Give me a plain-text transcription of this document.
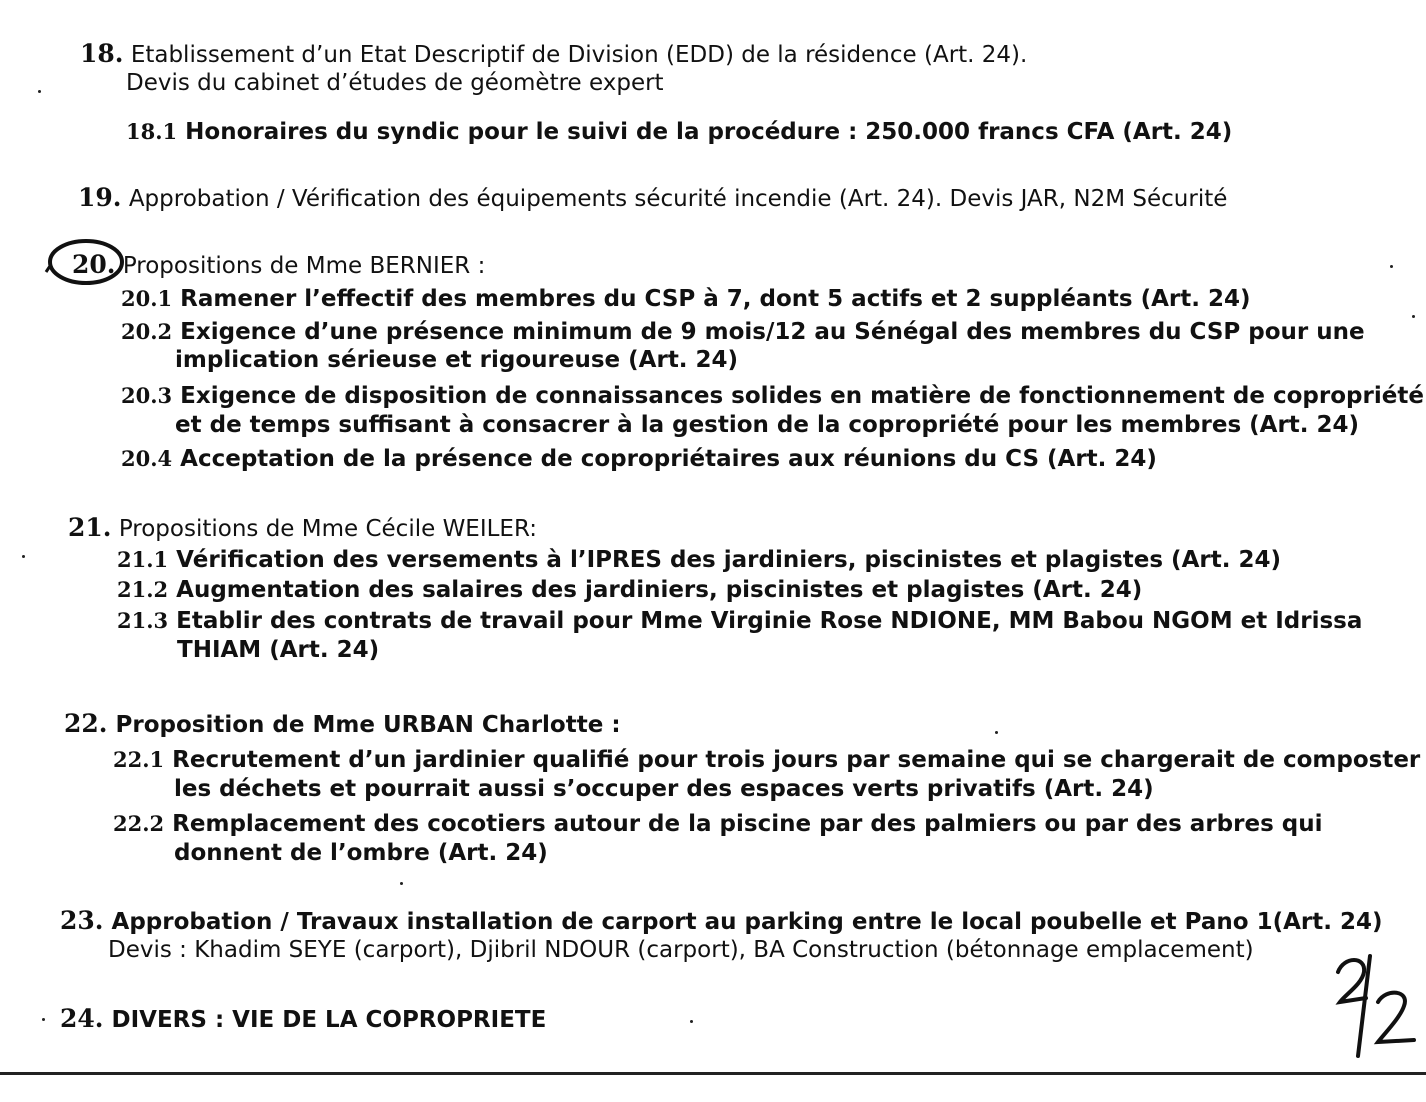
18. Etablissement d’un Etat Descriptif de Division (EDD) de la résidence (Art. 24).
Devis du cabinet d’études de géomètre expert
18.1 Honoraires du syndic pour le suivi de la procédure : 250.000 francs CFA (Art. 24)
19. Approbation / Vérification des équipements sécurité incendie (Art. 24). Devis JAR, N2M Sécurité
20. Propositions de Mme BERNIER :
20.1 Ramener l’effectif des membres du CSP à 7, dont 5 actifs et 2 suppléants (Art. 24)
20.2 Exigence d’une présence minimum de 9 mois/12 au Sénégal des membres du CSP pour une
implication sérieuse et rigoureuse (Art. 24)
20.3 Exigence de disposition de connaissances solides en matière de fonctionnement de copropriété
et de temps suffisant à consacrer à la gestion de la copropriété pour les membres (Art. 24)
20.4 Acceptation de la présence de copropriétaires aux réunions du CS (Art. 24)
21. Propositions de Mme Cécile WEILER:
21.1 Vérification des versements à l’IPRES des jardiniers, piscinistes et plagistes (Art. 24)
21.2 Augmentation des salaires des jardiniers, piscinistes et plagistes (Art. 24)
21.3 Etablir des contrats de travail pour Mme Virginie Rose NDIONE, MM Babou NGOM et Idrissa
THIAM (Art. 24)
22. Proposition de Mme URBAN Charlotte :
22.1 Recrutement d’un jardinier qualifié pour trois jours par semaine qui se chargerait de composter
les déchets et pourrait aussi s’occuper des espaces verts privatifs (Art. 24)
22.2 Remplacement des cocotiers autour de la piscine par des palmiers ou par des arbres qui
donnent de l’ombre (Art. 24)
23. Approbation / Travaux installation de carport au parking entre le local poubelle et Pano 1(Art. 24)
Devis : Khadim SEYE (carport), Djibril NDOUR (carport), BA Construction (bétonnage emplacement)
24. DIVERS : VIE DE LA COPROPRIETE
